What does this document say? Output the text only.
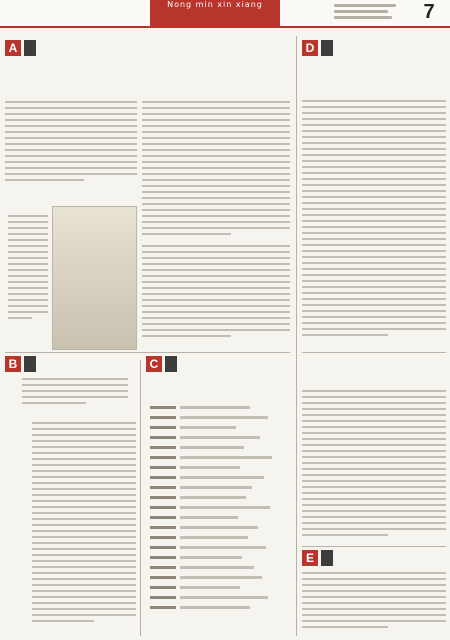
Nong min xin xiang	7
A
B	C
D
E
